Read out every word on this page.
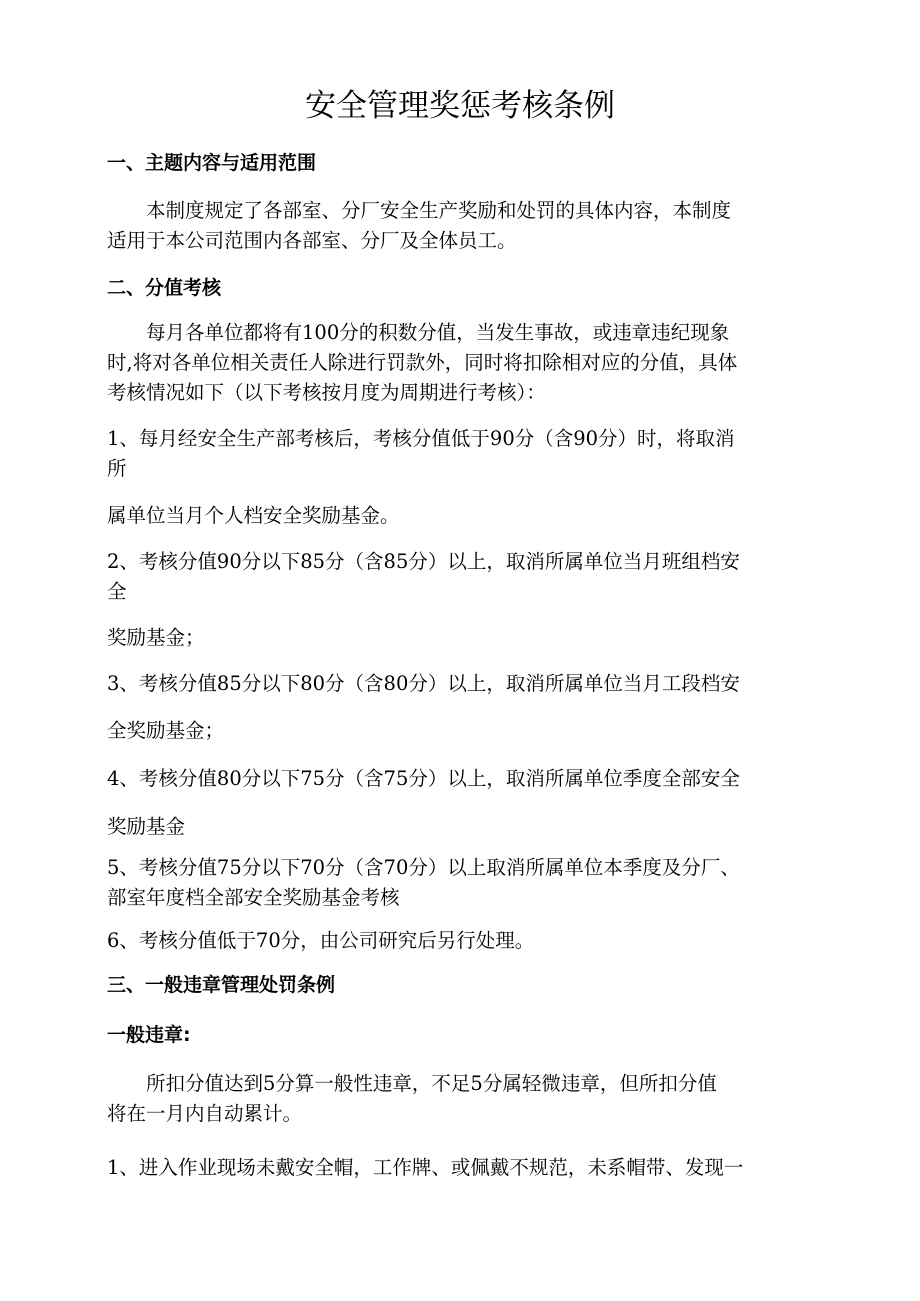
安全管理奖惩考核条例

一、主题内容与适用范围

本制度规定了各部室、分厂安全生产奖励和处罚的具体内容，本制度

适用于本公司范围内各部室、分厂及全体员工。

二、分值考核

每月各单位都将有100分的积数分值，当发生事故，或违章违纪现象

时,将对各单位相关责任人除进行罚款外，同时将扣除相对应的分值，具体

考核情况如下（以下考核按月度为周期进行考核）：

1、每月经安全生产部考核后，考核分值低于90分（含90分）时，将取消

所

属单位当月个人档安全奖励基金。

2、考核分值90分以下85分（含85分）以上，取消所属单位当月班组档安

全

奖励基金；

3、考核分值85分以下80分（含80分）以上，取消所属单位当月工段档安

全奖励基金；

4、考核分值80分以下75分（含75分）以上，取消所属单位季度全部安全

奖励基金

5、考核分值75分以下70分（含70分）以上取消所属单位本季度及分厂、

部室年度档全部安全奖励基金考核

6、考核分值低于70分，由公司研究后另行处理。

三、一般违章管理处罚条例

一般违章:

所扣分值达到5分算一般性违章，不足5分属轻微违章，但所扣分值

将在一月内自动累计。

1、进入作业现场未戴安全帽，工作牌、或佩戴不规范，未系帽带、发现一
